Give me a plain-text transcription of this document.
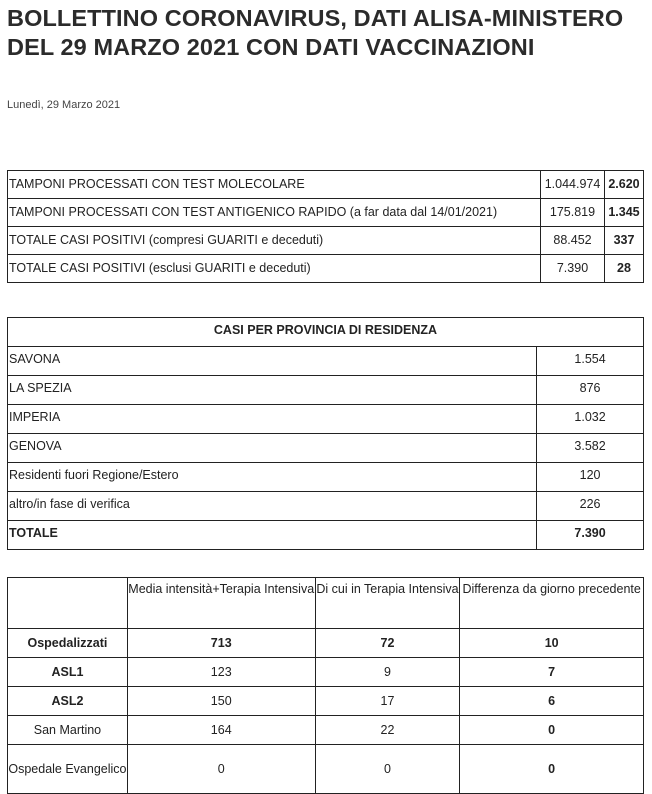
BOLLETTINO CORONAVIRUS, DATI ALISA-MINISTERO DEL 29 MARZO 2021 CON DATI VACCINAZIONI
Lunedì, 29 Marzo 2021
TAMPONI PROCESSATI CON TEST MOLECOLARE	1.044.974	2.620
TAMPONI PROCESSATI CON TEST ANTIGENICO RAPIDO (a far data dal 14/01/2021)	175.819	1.345
TOTALE CASI POSITIVI (compresi GUARITI e deceduti)	88.452	337
TOTALE CASI POSITIVI (esclusi GUARITI e deceduti)	7.390	28
CASI PER PROVINCIA DI RESIDENZA	
SAVONA	1.554
LA SPEZIA	876
IMPERIA	1.032
GENOVA	3.582
Residenti fuori Regione/Estero	120
altro/in fase di verifica	226
TOTALE	7.390
	Media intensità+Terapia Intensiva	Di cui in Terapia Intensiva	Differenza da giorno precedente
Ospedalizzati	713	72	10
ASL1	123	9	7
ASL2	150	17	6
San Martino	164	22	0
Ospedale Evangelico	0	0	0
